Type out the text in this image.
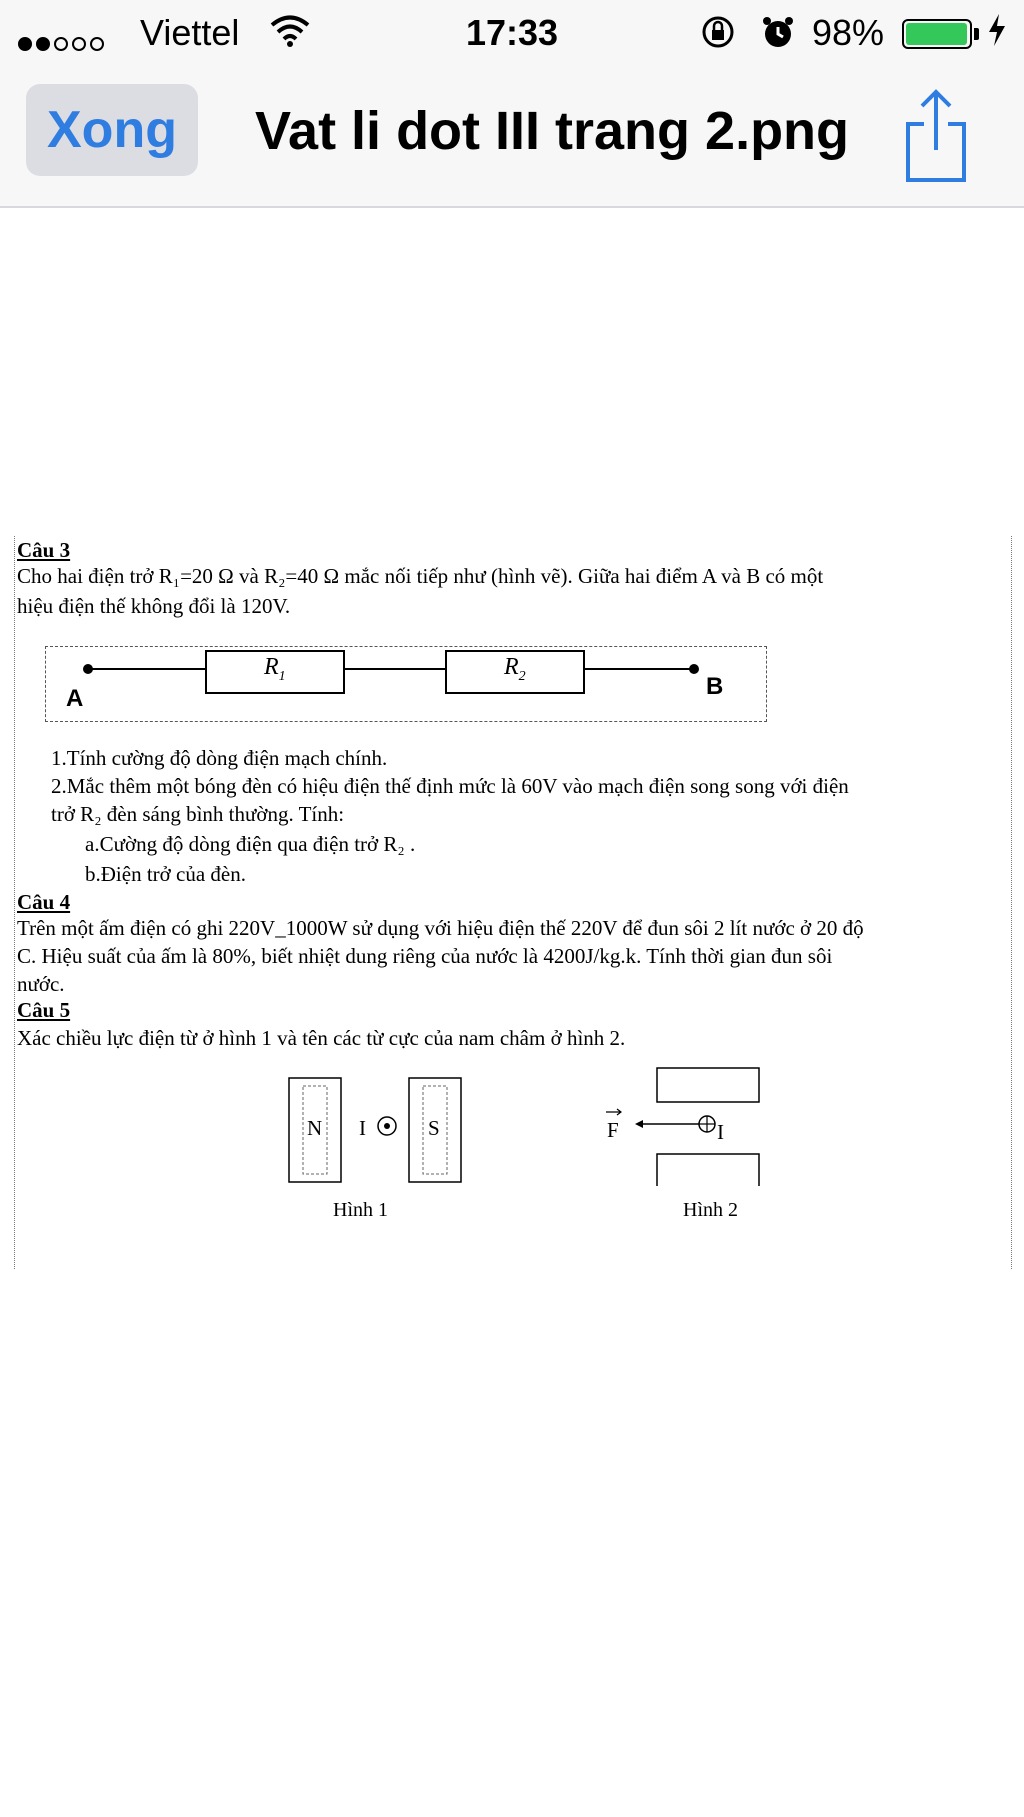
Viettel	17:33	98%
Xong	Vat li dot III trang 2.png
Câu 3
Cho hai điện trở R₁=20 Ω và R₂=40 Ω mắc nối tiếp như (hình vẽ). Giữa hai điểm A và B có một
hiệu điện thế không đổi là 120V.
A	B
$R_1$	$R_2$
1.Tính cường độ dòng điện mạch chính.
2.Mắc thêm một bóng đèn có hiệu điện thế định mức là 60V vào mạch điện song song với điện
trở R₂ đèn sáng bình thường. Tính:
a.Cường độ dòng điện qua điện trở R₂ .
b.Điện trở của đèn.
Câu 4
Trên một ấm điện có ghi 220V_1000W sử dụng với hiệu điện thế 220V để đun sôi 2 lít nước ở 20 độ
C. Hiệu suất của ấm là 80%, biết nhiệt dung riêng của nước là 4200J/kg.k. Tính thời gian đun sôi
nước.
Câu 5
Xác chiều lực điện từ ở hình 1 và tên các từ cực của nam châm ở hình 2.
N I	S
Hình 1
F	I
Hình 2
